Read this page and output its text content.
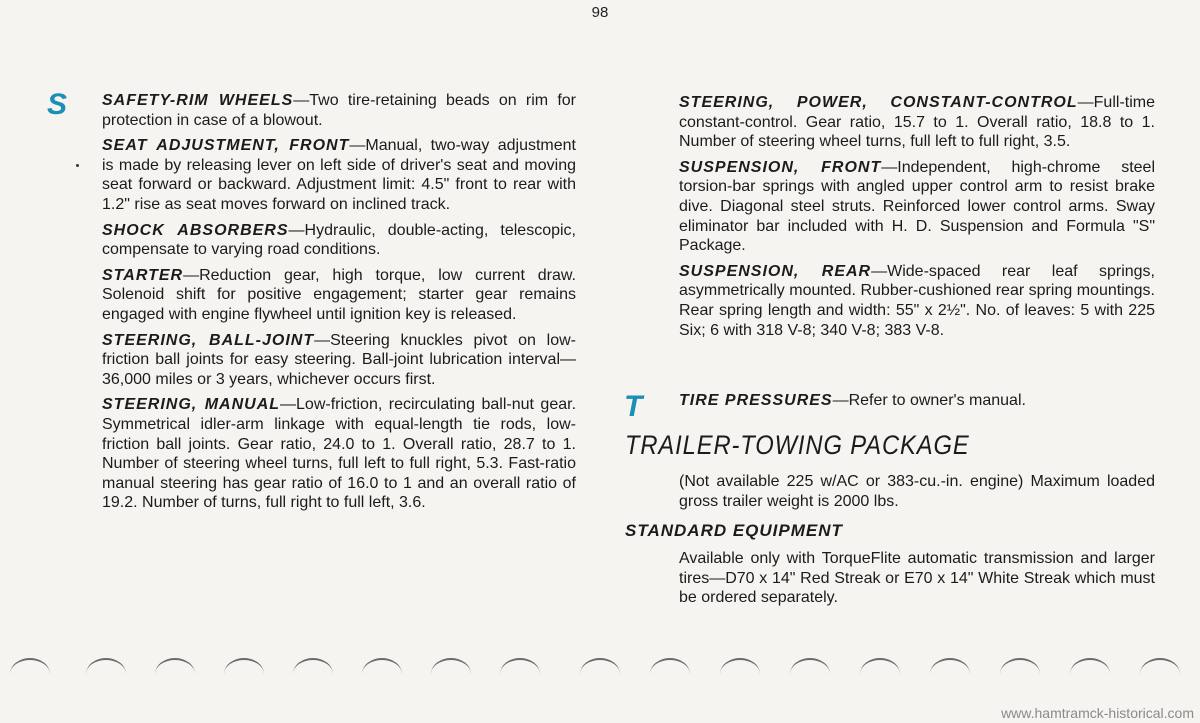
98
S SAFETY-RIM WHEELS—Two tire-retaining beads on rim for protection in case of a blowout.

SEAT ADJUSTMENT, FRONT—Manual, two-way adjustment is made by releasing lever on left side of driver's seat and moving seat forward or backward. Adjustment limit: 4.5" front to rear with 1.2" rise as seat moves forward on inclined track.

SHOCK ABSORBERS—Hydraulic, double-acting, telescopic, compensate to varying road conditions.

STARTER—Reduction gear, high torque, low current draw. Solenoid shift for positive engagement; starter gear remains engaged with engine flywheel until ignition key is released.

STEERING, BALL-JOINT—Steering knuckles pivot on low-friction ball joints for easy steering. Ball-joint lubrication interval—36,000 miles or 3 years, whichever occurs first.

STEERING, MANUAL—Low-friction, recirculating ball-nut gear. Symmetrical idler-arm linkage with equal-length tie rods, low-friction ball joints. Gear ratio, 24.0 to 1. Overall ratio, 28.7 to 1. Number of steering wheel turns, full left to full right, 5.3. Fast-ratio manual steering has gear ratio of 16.0 to 1 and an overall ratio of 19.2. Number of turns, full right to full left, 3.6.

STEERING, POWER, CONSTANT-CONTROL—Full-time constant-control. Gear ratio, 15.7 to 1. Overall ratio, 18.8 to 1. Number of steering wheel turns, full left to full right, 3.5.

SUSPENSION, FRONT—Independent, high-chrome steel torsion-bar springs with angled upper control arm to resist brake dive. Diagonal steel struts. Reinforced lower control arms. Sway eliminator bar included with H. D. Suspension and Formula "S" Package.

SUSPENSION, REAR—Wide-spaced rear leaf springs, asymmetrically mounted. Rubber-cushioned rear spring mountings. Rear spring length and width: 55" x 2½". No. of leaves: 5 with 225 Six; 6 with 318 V-8; 340 V-8; 383 V-8.

T TIRE PRESSURES—Refer to owner's manual.
TRAILER-TOWING PACKAGE
(Not available 225 w/AC or 383-cu.-in. engine) Maximum loaded gross trailer weight is 2000 lbs.
STANDARD EQUIPMENT
Available only with TorqueFlite automatic transmission and larger tires—D70 x 14" Red Streak or E70 x 14" White Streak which must be ordered separately.
www.hamtramck-historical.com
